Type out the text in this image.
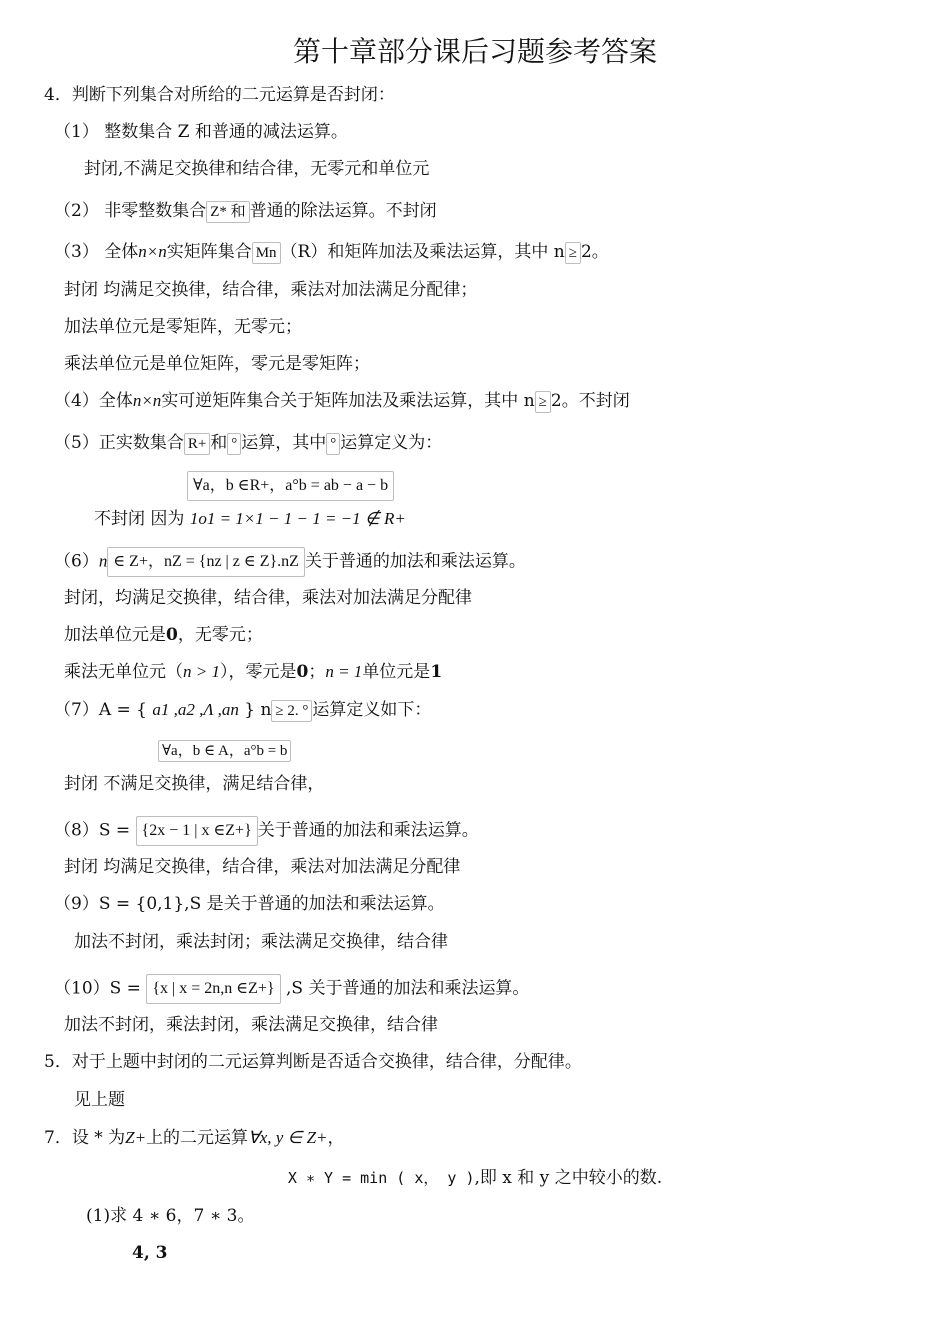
第十章部分课后习题参考答案
4．判断下列集合对所给的二元运算是否封闭：
（1） 整数集合 Z 和普通的减法运算。
封闭,不满足交换律和结合律，无零元和单位元
（2） 非零整数集合 Z* 和 普通的除法运算。不封闭
（3） 全体n×n实矩阵集合 Mn （R）和矩阵加法及乘法运算，其中 n ≥ 2。
封闭 均满足交换律，结合律，乘法对加法满足分配律；
加法单位元是零矩阵，无零元；
乘法单位元是单位矩阵，零元是零矩阵；
（4）全体n×n实可逆矩阵集合关于矩阵加法及乘法运算，其中 n ≥ 2。不封闭
（5）正实数集合 R+ 和 ° 运算，其中 ° 运算定义为：
∀a，b ∈R+，a°b = ab − a − b
不封闭 因为 1o1 = 1×1 − 1 − 1 = −1 ∉ R+
（6）n ∈ Z+，nZ = {nz | z ∈ Z}.nZ 关于普通的加法和乘法运算。
封闭，均满足交换律，结合律，乘法对加法满足分配律
加法单位元是0，无零元；
乘法无单位元（n > 1），零元是0；n = 1单位元是1
（7）A = { a1 ,a2 ,Λ ,an } n ≥ 2. ° 运算定义如下：
∀a，b ∈ A，a°b = b
封闭 不满足交换律，满足结合律，
（8）S = {2x − 1 | x ∈Z+} 关于普通的加法和乘法运算。
封闭 均满足交换律，结合律，乘法对加法满足分配律
（9）S = {0,1},S 是关于普通的加法和乘法运算。
加法不封闭，乘法封闭；乘法满足交换律，结合律
（10）S = {x | x = 2n,n ∈Z+} ,S 关于普通的加法和乘法运算。
加法不封闭，乘法封闭，乘法满足交换律，结合律
5．对于上题中封闭的二元运算判断是否适合交换律，结合律，分配律。
见上题
7．设 * 为Z+上的二元运算∀x, y ∈ Z+，
X ∗ Y = min ( x， y ),即 x 和 y 之中较小的数.
(1)求 4 ∗ 6，7 ∗ 3。
4, 3
